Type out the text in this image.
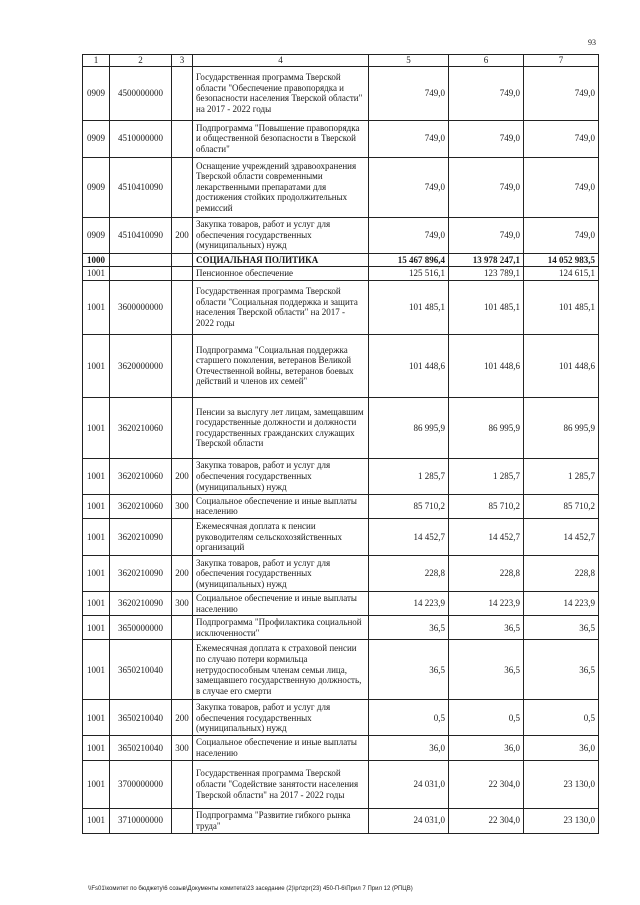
93
1	2	3	4	5	6	7
0909	4500000000		Государственная программа Тверской области "Обеспечение правопорядка и безопасности населения Тверской области" на 2017 - 2022 годы	749,0	749,0	749,0
0909	4510000000		Подпрограмма "Повышение правопорядка и общественной безопасности в Тверской области"	749,0	749,0	749,0
0909	4510410090		Оснащение учреждений здравоохранения Тверской области современными лекарственными препаратами для достижения стойких продолжительных ремиссий	749,0	749,0	749,0
0909	4510410090	200	Закупка товаров, работ и услуг для обеспечения государственных (муниципальных) нужд	749,0	749,0	749,0
1000			СОЦИАЛЬНАЯ ПОЛИТИКА	15 467 896,4	13 978 247,1	14 052 983,5
1001			Пенсионное обеспечение	125 516,1	123 789,1	124 615,1
1001	3600000000		Государственная программа Тверской области "Социальная поддержка и защита населения Тверской области" на 2017 - 2022 годы	101 485,1	101 485,1	101 485,1
1001	3620000000		Подпрограмма "Социальная поддержка старшего поколения, ветеранов Великой Отечественной войны, ветеранов боевых действий и членов их семей"	101 448,6	101 448,6	101 448,6
1001	3620210060		Пенсии за выслугу лет лицам, замещавшим государственные должности и должности государственных гражданских служащих Тверской области	86 995,9	86 995,9	86 995,9
1001	3620210060	200	Закупка товаров, работ и услуг для обеспечения государственных (муниципальных) нужд	1 285,7	1 285,7	1 285,7
1001	3620210060	300	Социальное обеспечение и иные выплаты населению	85 710,2	85 710,2	85 710,2
1001	3620210090		Ежемесячная доплата к пенсии руководителям сельскохозяйственных организаций	14 452,7	14 452,7	14 452,7
1001	3620210090	200	Закупка товаров, работ и услуг для обеспечения государственных (муниципальных) нужд	228,8	228,8	228,8
1001	3620210090	300	Социальное обеспечение и иные выплаты населению	14 223,9	14 223,9	14 223,9
1001	3650000000		Подпрограмма "Профилактика социальной исключенности"	36,5	36,5	36,5
1001	3650210040		Ежемесячная доплата к страховой пенсии по случаю потери кормильца нетрудоспособным членам семьи лица, замещавшего государственную должность, в случае его смерти	36,5	36,5	36,5
1001	3650210040	200	Закупка товаров, работ и услуг для обеспечения государственных (муниципальных) нужд	0,5	0,5	0,5
1001	3650210040	300	Социальное обеспечение и иные выплаты населению	36,0	36,0	36,0
1001	3700000000		Государственная программа Тверской области "Содействие занятости населения Тверской области" на 2017 - 2022 годы	24 031,0	22 304,0	23 130,0
1001	3710000000		Подпрограмма "Развитие гибкого рынка труда"	24 031,0	22 304,0	23 130,0
\\Fs01\комитет по бюджету\6 созыв\Документы комитета\23 заседание (2)\pr\zpr(23) 450-П-6\Прил 7 Прил 12 (РПЦВ)
